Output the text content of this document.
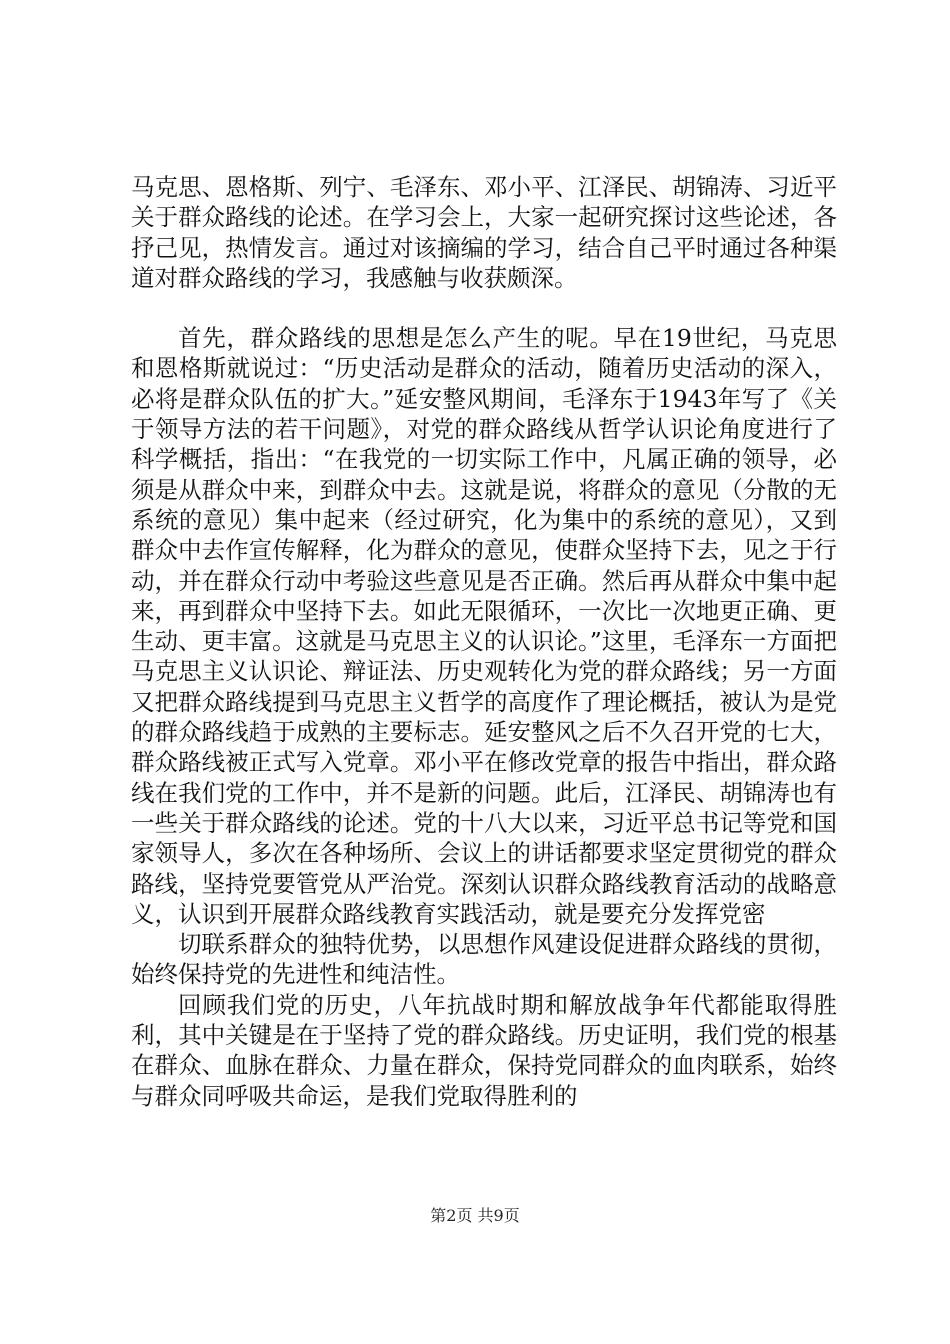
马克思、恩格斯、列宁、毛泽东、邓小平、江泽民、胡锦涛、习近平关于群众路线的论述。在学习会上，大家一起研究探讨这些论述，各抒己见，热情发言。通过对该摘编的学习，结合自己平时通过各种渠道对群众路线的学习，我感触与收获颇深。

首先，群众路线的思想是怎么产生的呢。早在19世纪，马克思和恩格斯就说过：“历史活动是群众的活动，随着历史活动的深入，必将是群众队伍的扩大。”延安整风期间，毛泽东于1943年写了《关于领导方法的若干问题》，对党的群众路线从哲学认识论角度进行了科学概括，指出：“在我党的一切实际工作中，凡属正确的领导，必须是从群众中来，到群众中去。这就是说，将群众的意见（分散的无系统的意见）集中起来（经过研究，化为集中的系统的意见），又到群众中去作宣传解释，化为群众的意见，使群众坚持下去，见之于行动，并在群众行动中考验这些意见是否正确。然后再从群众中集中起来，再到群众中坚持下去。如此无限循环，一次比一次地更正确、更生动、更丰富。这就是马克思主义的认识论。”这里，毛泽东一方面把马克思主义认识论、辩证法、历史观转化为党的群众路线；另一方面又把群众路线提到马克思主义哲学的高度作了理论概括，被认为是党的群众路线趋于成熟的主要标志。延安整风之后不久召开党的七大，群众路线被正式写入党章。邓小平在修改党章的报告中指出，群众路线在我们党的工作中，并不是新的问题。此后，江泽民、胡锦涛也有一些关于群众路线的论述。党的十八大以来，习近平总书记等党和国家领导人，多次在各种场所、会议上的讲话都要求坚定贯彻党的群众路线，坚持党要管党从严治党。深刻认识群众路线教育活动的战略意义，认识到开展群众路线教育实践活动，就是要充分发挥党密

切联系群众的独特优势，以思想作风建设促进群众路线的贯彻，始终保持党的先进性和纯洁性。

回顾我们党的历史，八年抗战时期和解放战争年代都能取得胜利，其中关键是在于坚持了党的群众路线。历史证明，我们党的根基在群众、血脉在群众、力量在群众，保持党同群众的血肉联系，始终与群众同呼吸共命运，是我们党取得胜利的

第2页 共9页
